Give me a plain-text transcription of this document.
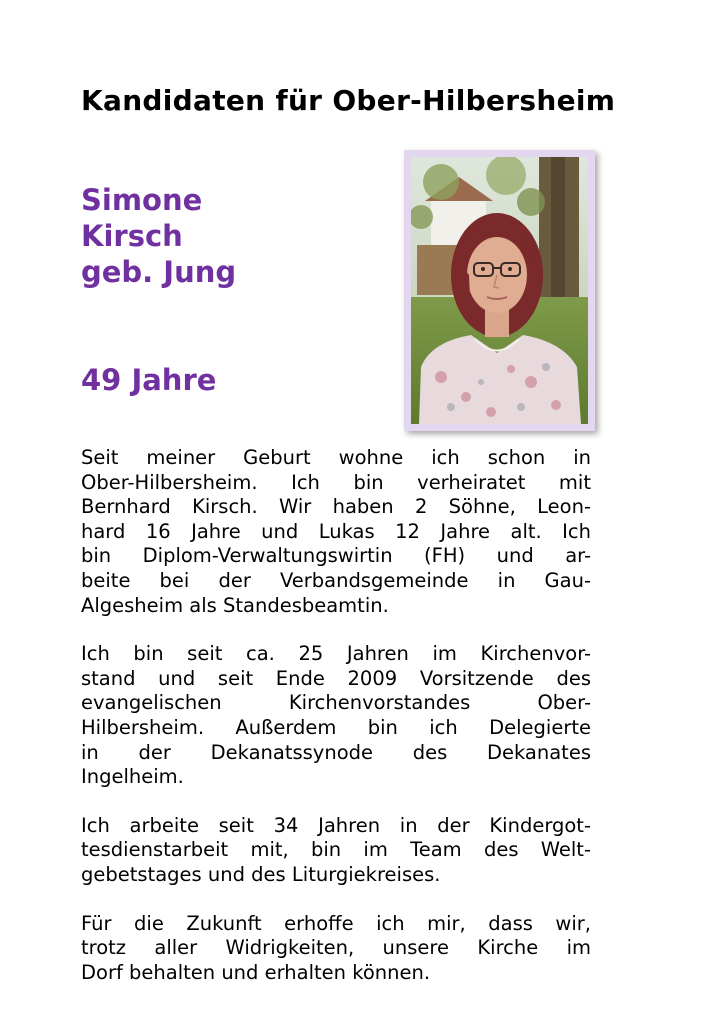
Kandidaten für Ober-Hilbersheim
Simone
Kirsch
geb. Jung
49 Jahre

Seit meiner Geburt wohne ich schon in
Ober-Hilbersheim. Ich bin verheiratet mit
Bernhard Kirsch. Wir haben 2 Söhne, Leon-
hard 16 Jahre und Lukas 12 Jahre alt. Ich
bin Diplom-Verwaltungswirtin (FH) und ar-
beite bei der Verbandsgemeinde in Gau-
Algesheim als Standesbeamtin.

Ich bin seit ca. 25 Jahren im Kirchenvor-
stand und seit Ende 2009 Vorsitzende des
evangelischen Kirchenvorstandes Ober-
Hilbersheim. Außerdem bin ich Delegierte
in der Dekanatssynode des Dekanates
Ingelheim.

Ich arbeite seit 34 Jahren in der Kindergot-
tesdienstarbeit mit, bin im Team des Welt-
gebetstages und des Liturgiekreises.

Für die Zukunft erhoffe ich mir, dass wir,
trotz aller Widrigkeiten, unsere Kirche im
Dorf behalten und erhalten können.
